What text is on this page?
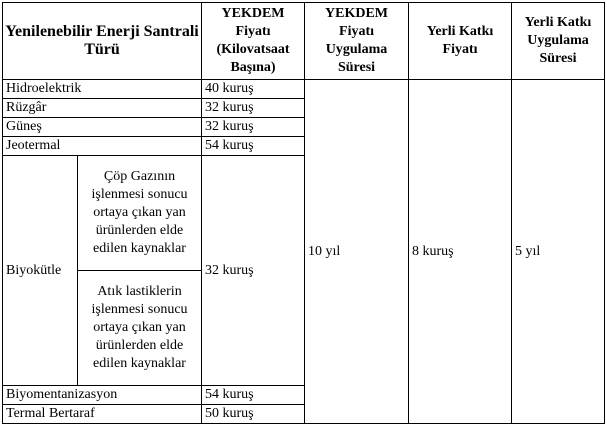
Yenilenebilir Enerji Santrali Türü		YEKDEM Fiyatı (Kilovatsaat Başına)	YEKDEM Fiyatı Uygulama Süresi	Yerli Katkı Fiyatı	Yerli Katkı Uygulama Süresi
Hidroelektrik		40 kuruş	10 yıl	8 kuruş	5 yıl
Rüzgâr		32 kuruş			
Güneş		32 kuruş			
Jeotermal		54 kuruş			
Biyokütle	Çöp Gazının işlenmesi sonucu ortaya çıkan yan ürünlerden elde edilen kaynaklar	32 kuruş			
	Atık lastiklerin işlenmesi sonucu ortaya çıkan yan ürünlerden elde edilen kaynaklar				
Biyomentanizasyon		54 kuruş			
Termal Bertaraf		50 kuruş			
